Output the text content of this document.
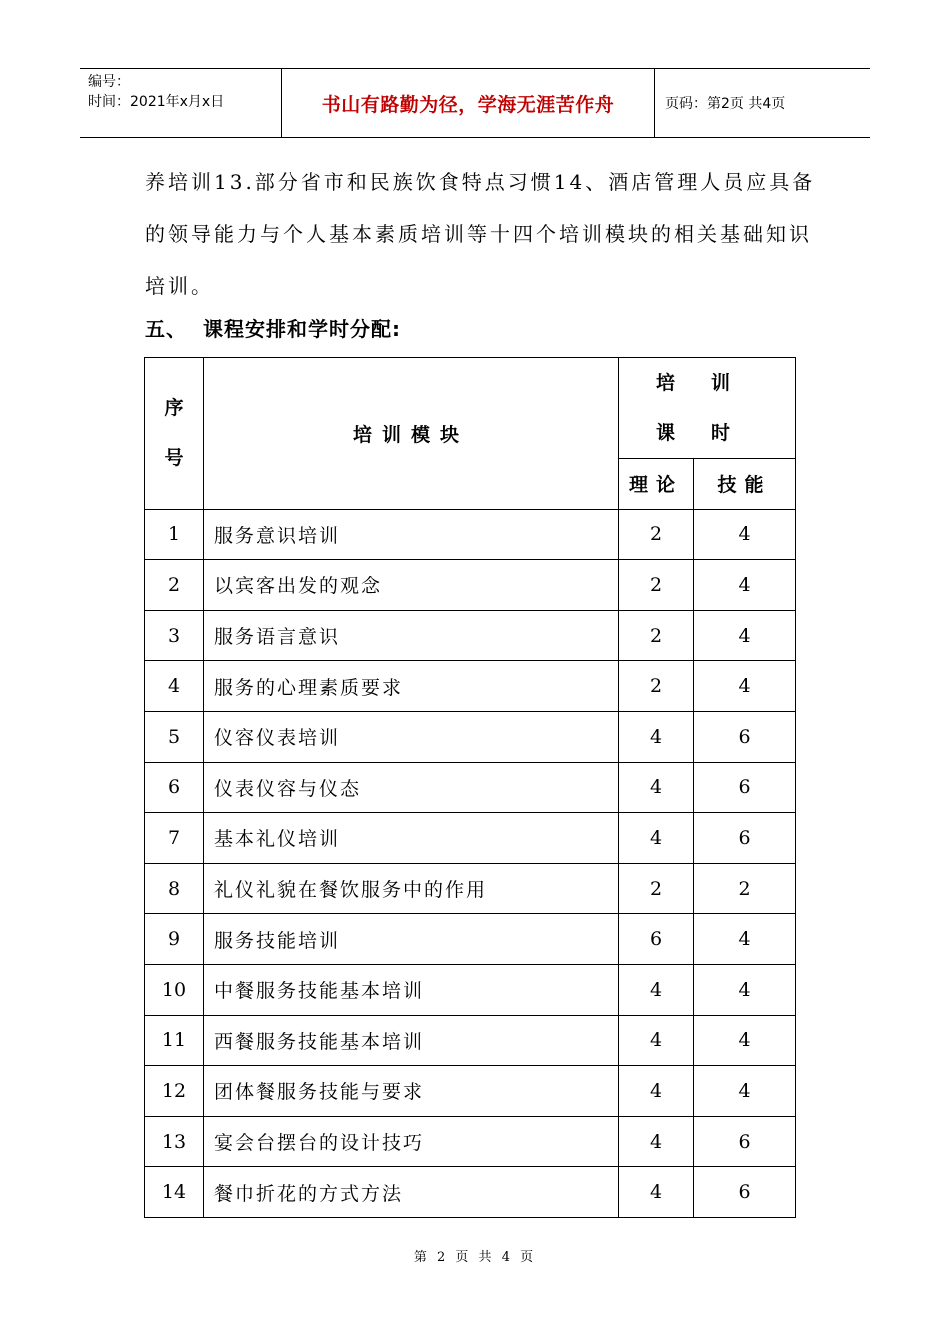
编号：
时间：2021年x月x日	书山有路勤为径，学海无涯苦作舟	页码：第2页 共4页
养培训13.部分省市和民族饮食特点习惯14、酒店管理人员应具备
的领导能力与个人基本素质培训等十四个培训模块的相关基础知识
培训。
五、 课程安排和学时分配:
序号	培训模块	培训课时	

		理论	技能
1	服务意识培训	2	4
2	以宾客出发的观念	2	4
3	服务语言意识	2	4
4	服务的心理素质要求	2	4
5	仪容仪表培训	4	6
6	仪表仪容与仪态	4	6
7	基本礼仪培训	4	6
8	礼仪礼貌在餐饮服务中的作用	2	2
9	服务技能培训	6	4
10	中餐服务技能基本培训	4	4
11	西餐服务技能基本培训	4	4
12	团体餐服务技能与要求	4	4
13	宴会台摆台的设计技巧	4	6
14	餐巾折花的方式方法	4	6
第 2 页 共 4 页
